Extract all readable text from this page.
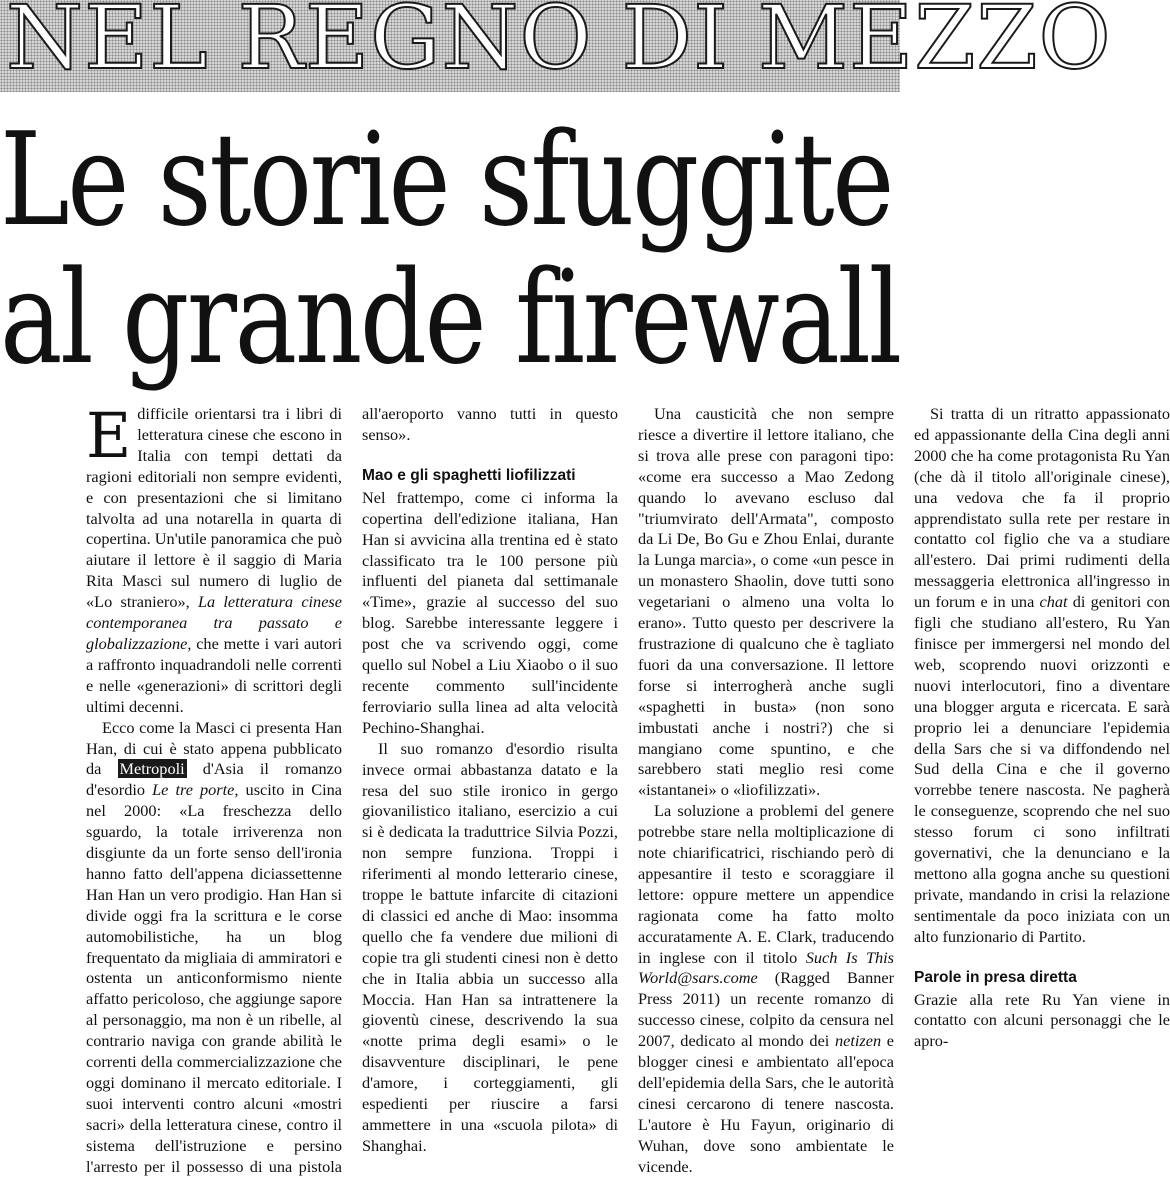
NEL REGNO DI MEZZO
Le storie sfuggite
al grande firewall

Edifficile orientarsi tra i libri di letteratura cinese che escono in Italia con tempi dettati da ragioni editoriali non sempre evidenti, e con presentazioni che si limitano talvolta ad una notarella in quarta di copertina. Un'utile panoramica che può aiutare il lettore è il saggio di Maria Rita Masci sul numero di luglio de «Lo straniero», La letteratura cinese contemporanea tra passato e globalizzazione, che mette i vari autori a raffronto inquadrandoli nelle correnti e nelle «generazioni» di scrittori degli ultimi decenni.

Ecco come la Masci ci presenta Han Han, di cui è stato appena pubblicato da Metropoli d'Asia il romanzo d'esordio Le tre porte, uscito in Cina nel 2000: «La freschezza dello sguardo, la totale irriverenza non disgiunte da un forte senso dell'ironia hanno fatto dell'appena diciassettenne Han Han un vero prodigio. Han Han si divide oggi fra la scrittura e le corse automobilistiche, ha un blog frequentato da migliaia di ammiratori e ostenta un anticonformismo niente affatto pericoloso, che aggiunge sapore al personaggio, ma non è un ribelle, al contrario naviga con grande abilità le correnti della commercializzazione che oggi dominano il mercato editoriale. I suoi interventi contro alcuni «mostri sacri» della letteratura cinese, contro il sistema dell'istruzione e persino l'arresto per il possesso di una pistola all'aeroporto vanno tutti in questo senso».

Mao e gli spaghetti liofilizzati

Nel frattempo, come ci informa la copertina dell'edizione italiana, Han Han si avvicina alla trentina ed è stato classificato tra le 100 persone più influenti del pianeta dal settimanale «Time», grazie al successo del suo blog. Sarebbe interessante leggere i post che va scrivendo oggi, come quello sul Nobel a Liu Xiaobo o il suo recente commento sull'incidente ferroviario sulla linea ad alta velocità Pechino-Shanghai.

Il suo romanzo d'esordio risulta invece ormai abbastanza datato e la resa del suo stile ironico in gergo giovanilistico italiano, esercizio a cui si è dedicata la traduttrice Silvia Pozzi, non sempre funziona. Troppi i riferimenti al mondo letterario cinese, troppe le battute infarcite di citazioni di classici ed anche di Mao: insomma quello che fa vendere due milioni di copie tra gli studenti cinesi non è detto che in Italia abbia un successo alla Moccia. Han Han sa intrattenere la gioventù cinese, descrivendo la sua «notte prima degli esami» o le disavventure disciplinari, le pene d'amore, i corteggiamenti, gli espedienti per riuscire a farsi ammettere in una «scuola pilota» di Shanghai.

Una causticità che non sempre riesce a divertire il lettore italiano, che si trova alle prese con paragoni tipo: «come era successo a Mao Zedong quando lo avevano escluso dal "triumvirato dell'Armata", composto da Li De, Bo Gu e Zhou Enlai, durante la Lunga marcia», o come «un pesce in un monastero Shaolin, dove tutti sono vegetariani o almeno una volta lo erano». Tutto questo per descrivere la frustrazione di qualcuno che è tagliato fuori da una conversazione. Il lettore forse si interrogherà anche sugli «spaghetti in busta» (non sono imbustati anche i nostri?) che si mangiano come spuntino, e che sarebbero stati meglio resi come «istantanei» o «liofilizzati».

La soluzione a problemi del genere potrebbe stare nella moltiplicazione di note chiarificatrici, rischiando però di appesantire il testo e scoraggiare il lettore: oppure mettere un appendice ragionata come ha fatto molto accuratamente A. E. Clark, traducendo in inglese con il titolo Such Is This World@sars.come (Ragged Banner Press 2011) un recente romanzo di successo cinese, colpito da censura nel 2007, dedicato al mondo dei netizen e blogger cinesi e ambientato all'epoca dell'epidemia della Sars, che le autorità cinesi cercarono di tenere nascosta. L'autore è Hu Fayun, originario di Wuhan, dove sono ambientate le vicende.

Si tratta di un ritratto appassionato ed appassionante della Cina degli anni 2000 che ha come protagonista Ru Yan (che dà il titolo all'originale cinese), una vedova che fa il proprio apprendistato sulla rete per restare in contatto col figlio che va a studiare all'estero. Dai primi rudimenti della messaggeria elettronica all'ingresso in un forum e in una chat di genitori con figli che studiano all'estero, Ru Yan finisce per immergersi nel mondo del web, scoprendo nuovi orizzonti e nuovi interlocutori, fino a diventare una blogger arguta e ricercata. E sarà proprio lei a denunciare l'epidemia della Sars che si va diffondendo nel Sud della Cina e che il governo vorrebbe tenere nascosta. Ne pagherà le conseguenze, scoprendo che nel suo stesso forum ci sono infiltrati governativi, che la denunciano e la mettono alla gogna anche su questioni private, mandando in crisi la relazione sentimentale da poco iniziata con un alto funzionario di Partito.

Parole in presa diretta

Grazie alla rete Ru Yan viene in contatto con alcuni personaggi che le apro-
